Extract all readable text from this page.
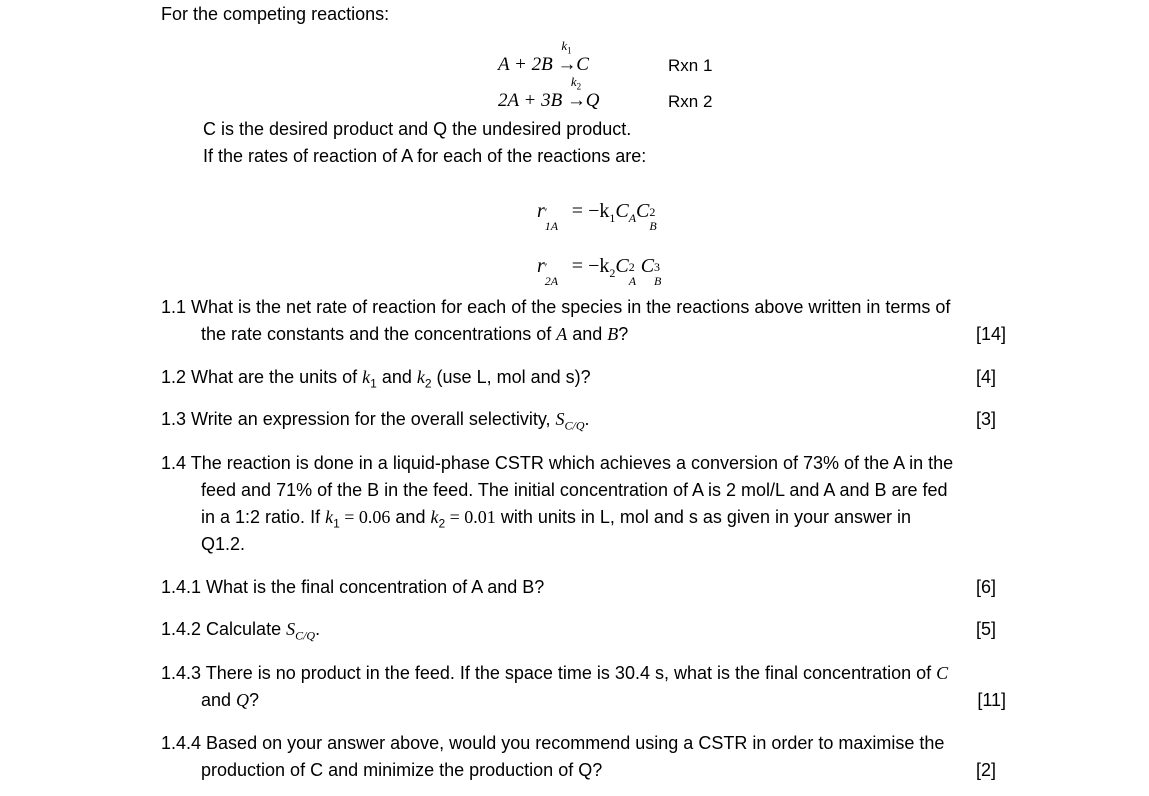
For the competing reactions:
A + 2B
$k_1$
→ C	Rxn 1
2A + 3B
$k_2$
→ Q	Rxn 2
C is the desired product and Q the undesired product.
If the rates of reaction of A for each of the reactions are:
r ′
1A
= $-k_1C_AC$ 2
B
r ′
2A
= $-k_2C$ 2
A
C 3
B
1.1 What is the net rate of reaction for each of the species in the reactions above written in terms of
the rate constants and the concentrations of A and B?	[14]
1.2 What are the units of $k_1$ and $k_2$ (use L, mol and s)?	[4]
1.3 Write an expression for the overall selectivity, $S_{C/Q}$.	[3]
1.4 The reaction is done in a liquid-phase CSTR which achieves a conversion of 73% of the A in the
feed and 71% of the B in the feed. The initial concentration of A is 2 mol/L and A and B are fed
in a 1:2 ratio. If $k_1 = 0.06$ and $k_2 = 0.01$ with units in L, mol and s as given in your answer in
Q1.2.
1.4.1 What is the final concentration of A and B?	[6]
1.4.2 Calculate $S_{C/Q}$.	[5]
1.4.3 There is no product in the feed. If the space time is 30.4 s, what is the final concentration of C
and Q?	[11]
1.4.4 Based on your answer above, would you recommend using a CSTR in order to maximise the
production of C and minimize the production of Q?	[2]
